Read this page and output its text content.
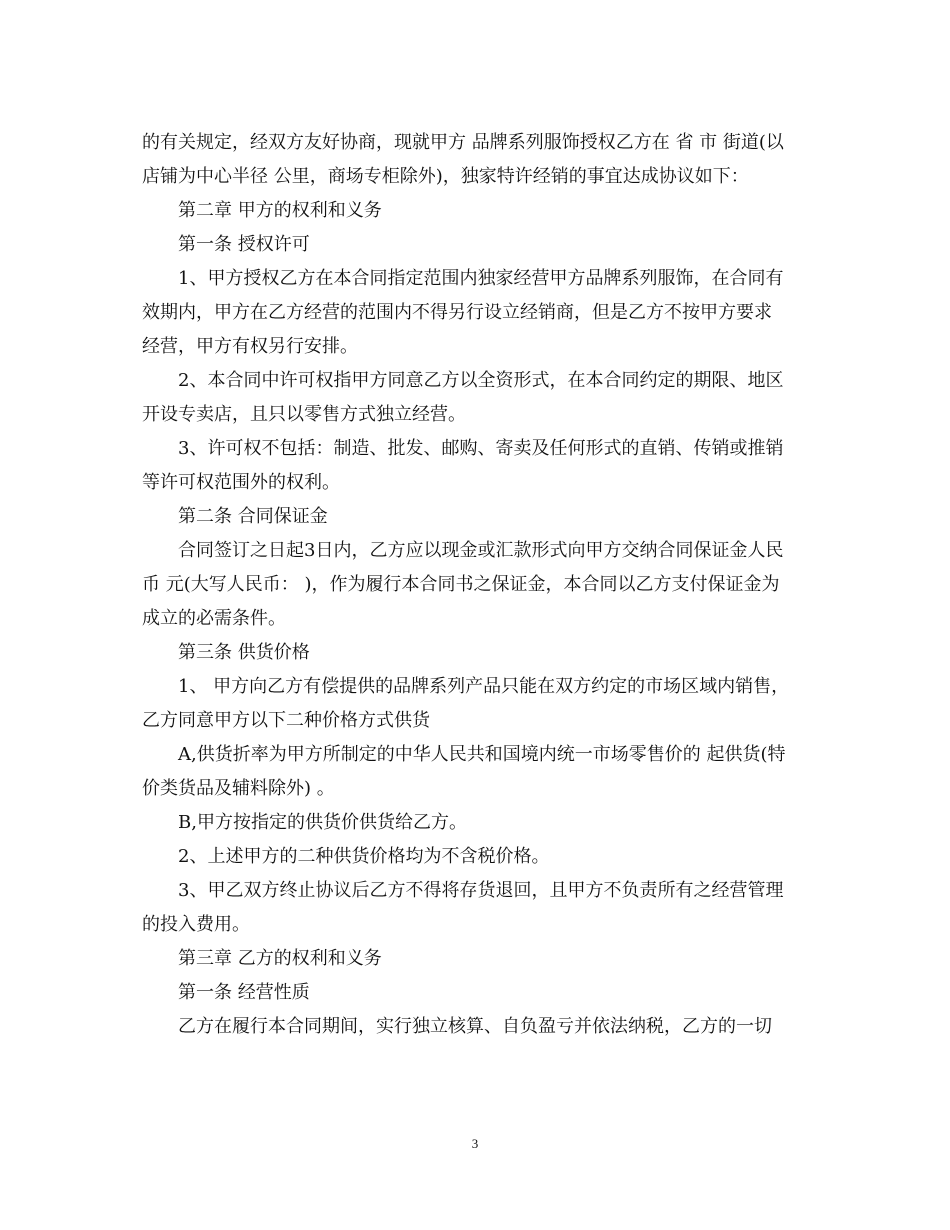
的有关规定，经双方友好协商，现就甲方 品牌系列服饰授权乙方在 省 市 街道(以
店铺为中心半径 公里，商场专柜除外)，独家特许经销的事宜达成协议如下：
第二章 甲方的权利和义务
第一条 授权许可
1、甲方授权乙方在本合同指定范围内独家经营甲方品牌系列服饰，在合同有
效期内，甲方在乙方经营的范围内不得另行设立经销商，但是乙方不按甲方要求
经营，甲方有权另行安排。
2、本合同中许可权指甲方同意乙方以全资形式，在本合同约定的期限、地区
开设专卖店，且只以零售方式独立经营。
3、许可权不包括：制造、批发、邮购、寄卖及任何形式的直销、传销或推销
等许可权范围外的权利。
第二条 合同保证金
合同签订之日起3日内，乙方应以现金或汇款形式向甲方交纳合同保证金人民
币 元(大写人民币： )，作为履行本合同书之保证金，本合同以乙方支付保证金为
成立的必需条件。
第三条 供货价格
1、 甲方向乙方有偿提供的品牌系列产品只能在双方约定的市场区域内销售，
乙方同意甲方以下二种价格方式供货
A,供货折率为甲方所制定的中华人民共和国境内统一市场零售价的 起供货(特
价类货品及辅料除外) 。
B,甲方按指定的供货价供货给乙方。
2、上述甲方的二种供货价格均为不含税价格。
3、甲乙双方终止协议后乙方不得将存货退回，且甲方不负责所有之经营管理
的投入费用。
第三章 乙方的权利和义务
第一条 经营性质
乙方在履行本合同期间，实行独立核算、自负盈亏并依法纳税，乙方的一切
3
